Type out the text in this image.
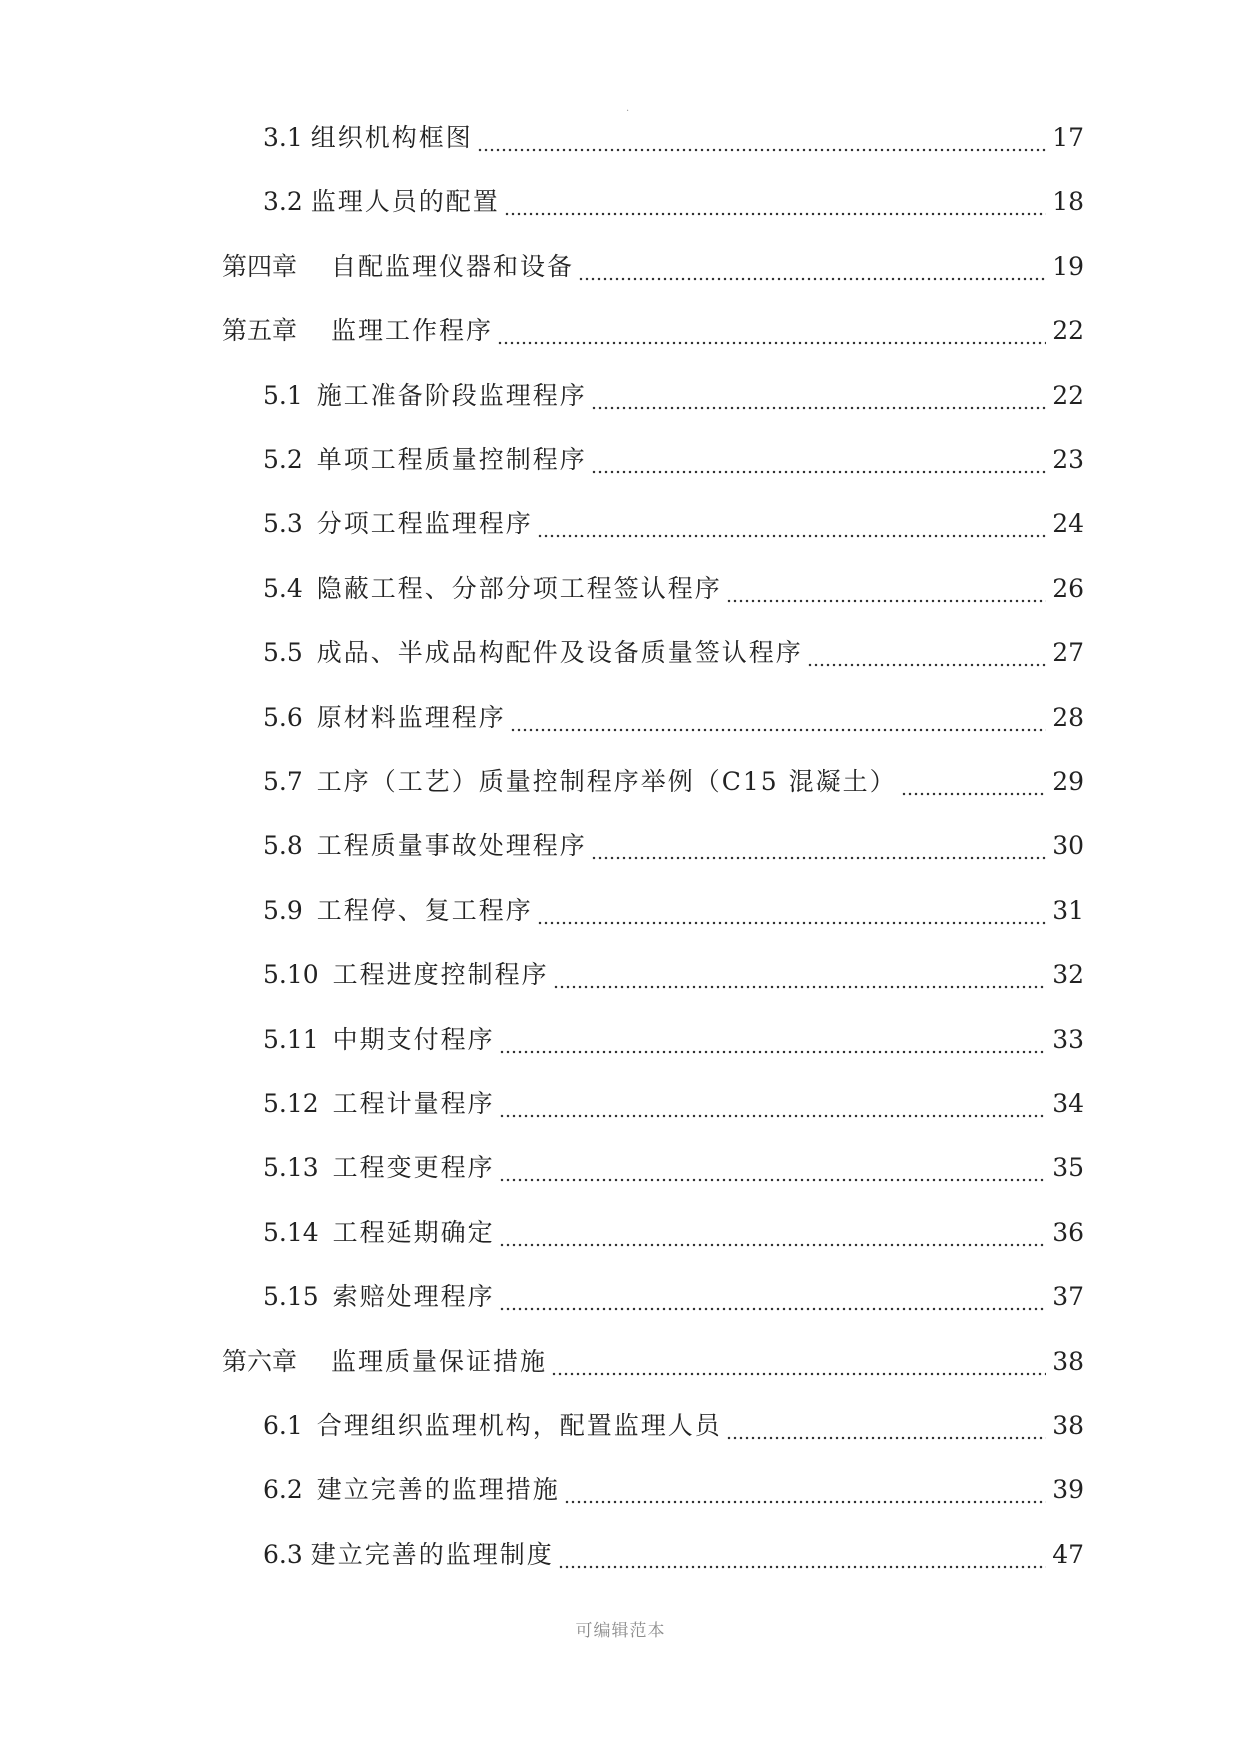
.
3.1 组织机构框图	17
3.2 监理人员的配置	18
第四章 自配监理仪器和设备	19
第五章 监理工作程序	22
5.1 施工准备阶段监理程序	22
5.2 单项工程质量控制程序	23
5.3 分项工程监理程序	24
5.4 隐蔽工程、分部分项工程签认程序	26
5.5 成品、半成品构配件及设备质量签认程序	27
5.6 原材料监理程序	28
5.7 工序（工艺）质量控制程序举例（C15 混凝土）	29
5.8 工程质量事故处理程序	30
5.9 工程停、复工程序	31
5.10 工程进度控制程序	32
5.11 中期支付程序	33
5.12 工程计量程序	34
5.13 工程变更程序	35
5.14 工程延期确定	36
5.15 索赔处理程序	37
第六章 监理质量保证措施	38
6.1 合理组织监理机构，配置监理人员	38
6.2 建立完善的监理措施	39
6.3 建立完善的监理制度	47
可编辑范本
